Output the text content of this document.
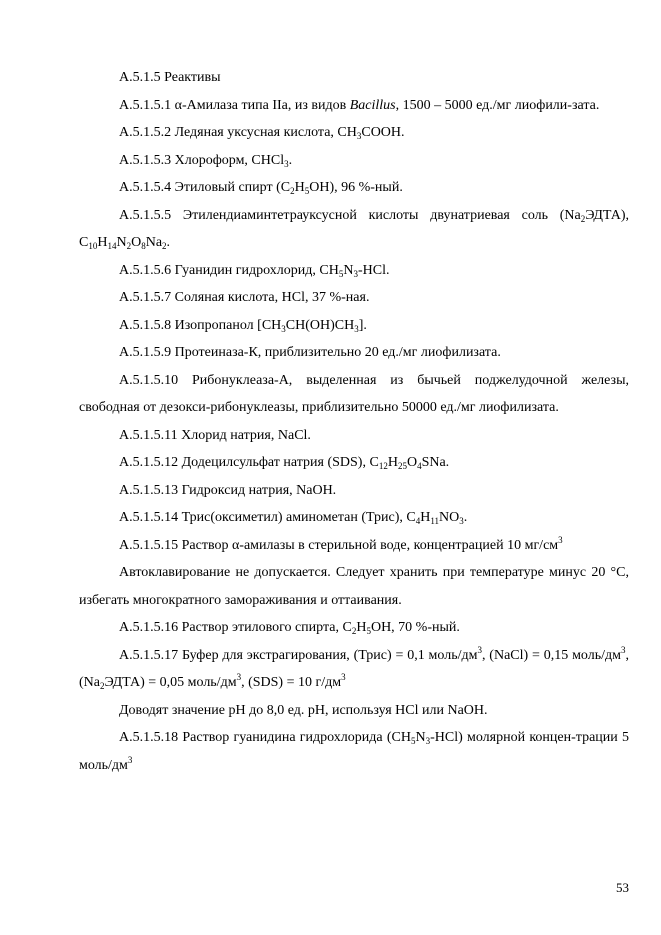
А.5.1.5 Реактивы

А.5.1.5.1 α-Амилаза типа IIa, из видов Bacillus, 1500 – 5000 ед./мг лиофили-зата.

А.5.1.5.2 Ледяная уксусная кислота, $CH_3COOH$.

А.5.1.5.3 Хлороформ, CHCl$_3$.

А.5.1.5.4 Этиловый спирт $(C_2H_5OH)$, 96 %-ный.

А.5.1.5.5 Этилендиаминтетрауксусной кислоты двунатриевая соль $(Na_2ЭДТА)$, $C_{10}H_{14}N_2O_8Na_2$.

А.5.1.5.6 Гуанидин гидрохлорид, $CH_5N_3$-HCl.

А.5.1.5.7 Соляная кислота, HCl, 37 %-ная.

А.5.1.5.8 Изопропанол $[CH_3CH(OH)CH_3]$.

А.5.1.5.9 Протеиназа-К, приблизительно 20 ед./мг лиофилизата.

А.5.1.5.10 Рибонуклеаза-А, выделенная из бычьей поджелудочной железы, свободная от дезокси-рибонуклеазы, приблизительно 50000 ед./мг лиофилизата.

А.5.1.5.11 Хлорид натрия, NaCl.

А.5.1.5.12 Додецилсульфат натрия (SDS), $C_{12}H_{25}O_4SNa$.

А.5.1.5.13 Гидроксид натрия, NaOH.

А.5.1.5.14 Трис(оксиметил) аминометан (Трис), $C_4H_{11}NO_3$.

А.5.1.5.15 Раствор α-амилазы в стерильной воде, концентрацией 10 $мг/см^3$

Автоклавирование не допускается. Следует хранить при температуре минус 20 °C, избегать многократного замораживания и оттаивания.

А.5.1.5.16 Раствор этилового спирта, $C_2H_5OH$, 70 %-ный.

А.5.1.5.17 Буфер для экстрагирования, (Трис) = 0,1 моль/$дм^3$, (NaCl) = 0,15 моль/$дм^3$, $(Na_2ЭДТА) = 0,05$ моль/$дм^3$, (SDS) = 10 $г/дм^3$

Доводят значение pH до 8,0 ед. pH, используя HCl или NaOH.

А.5.1.5.18 Раствор гуанидина гидрохлорида $(CH_5N_3-HCl)$ молярной концен-трации 5 моль/$дм^3$

53
